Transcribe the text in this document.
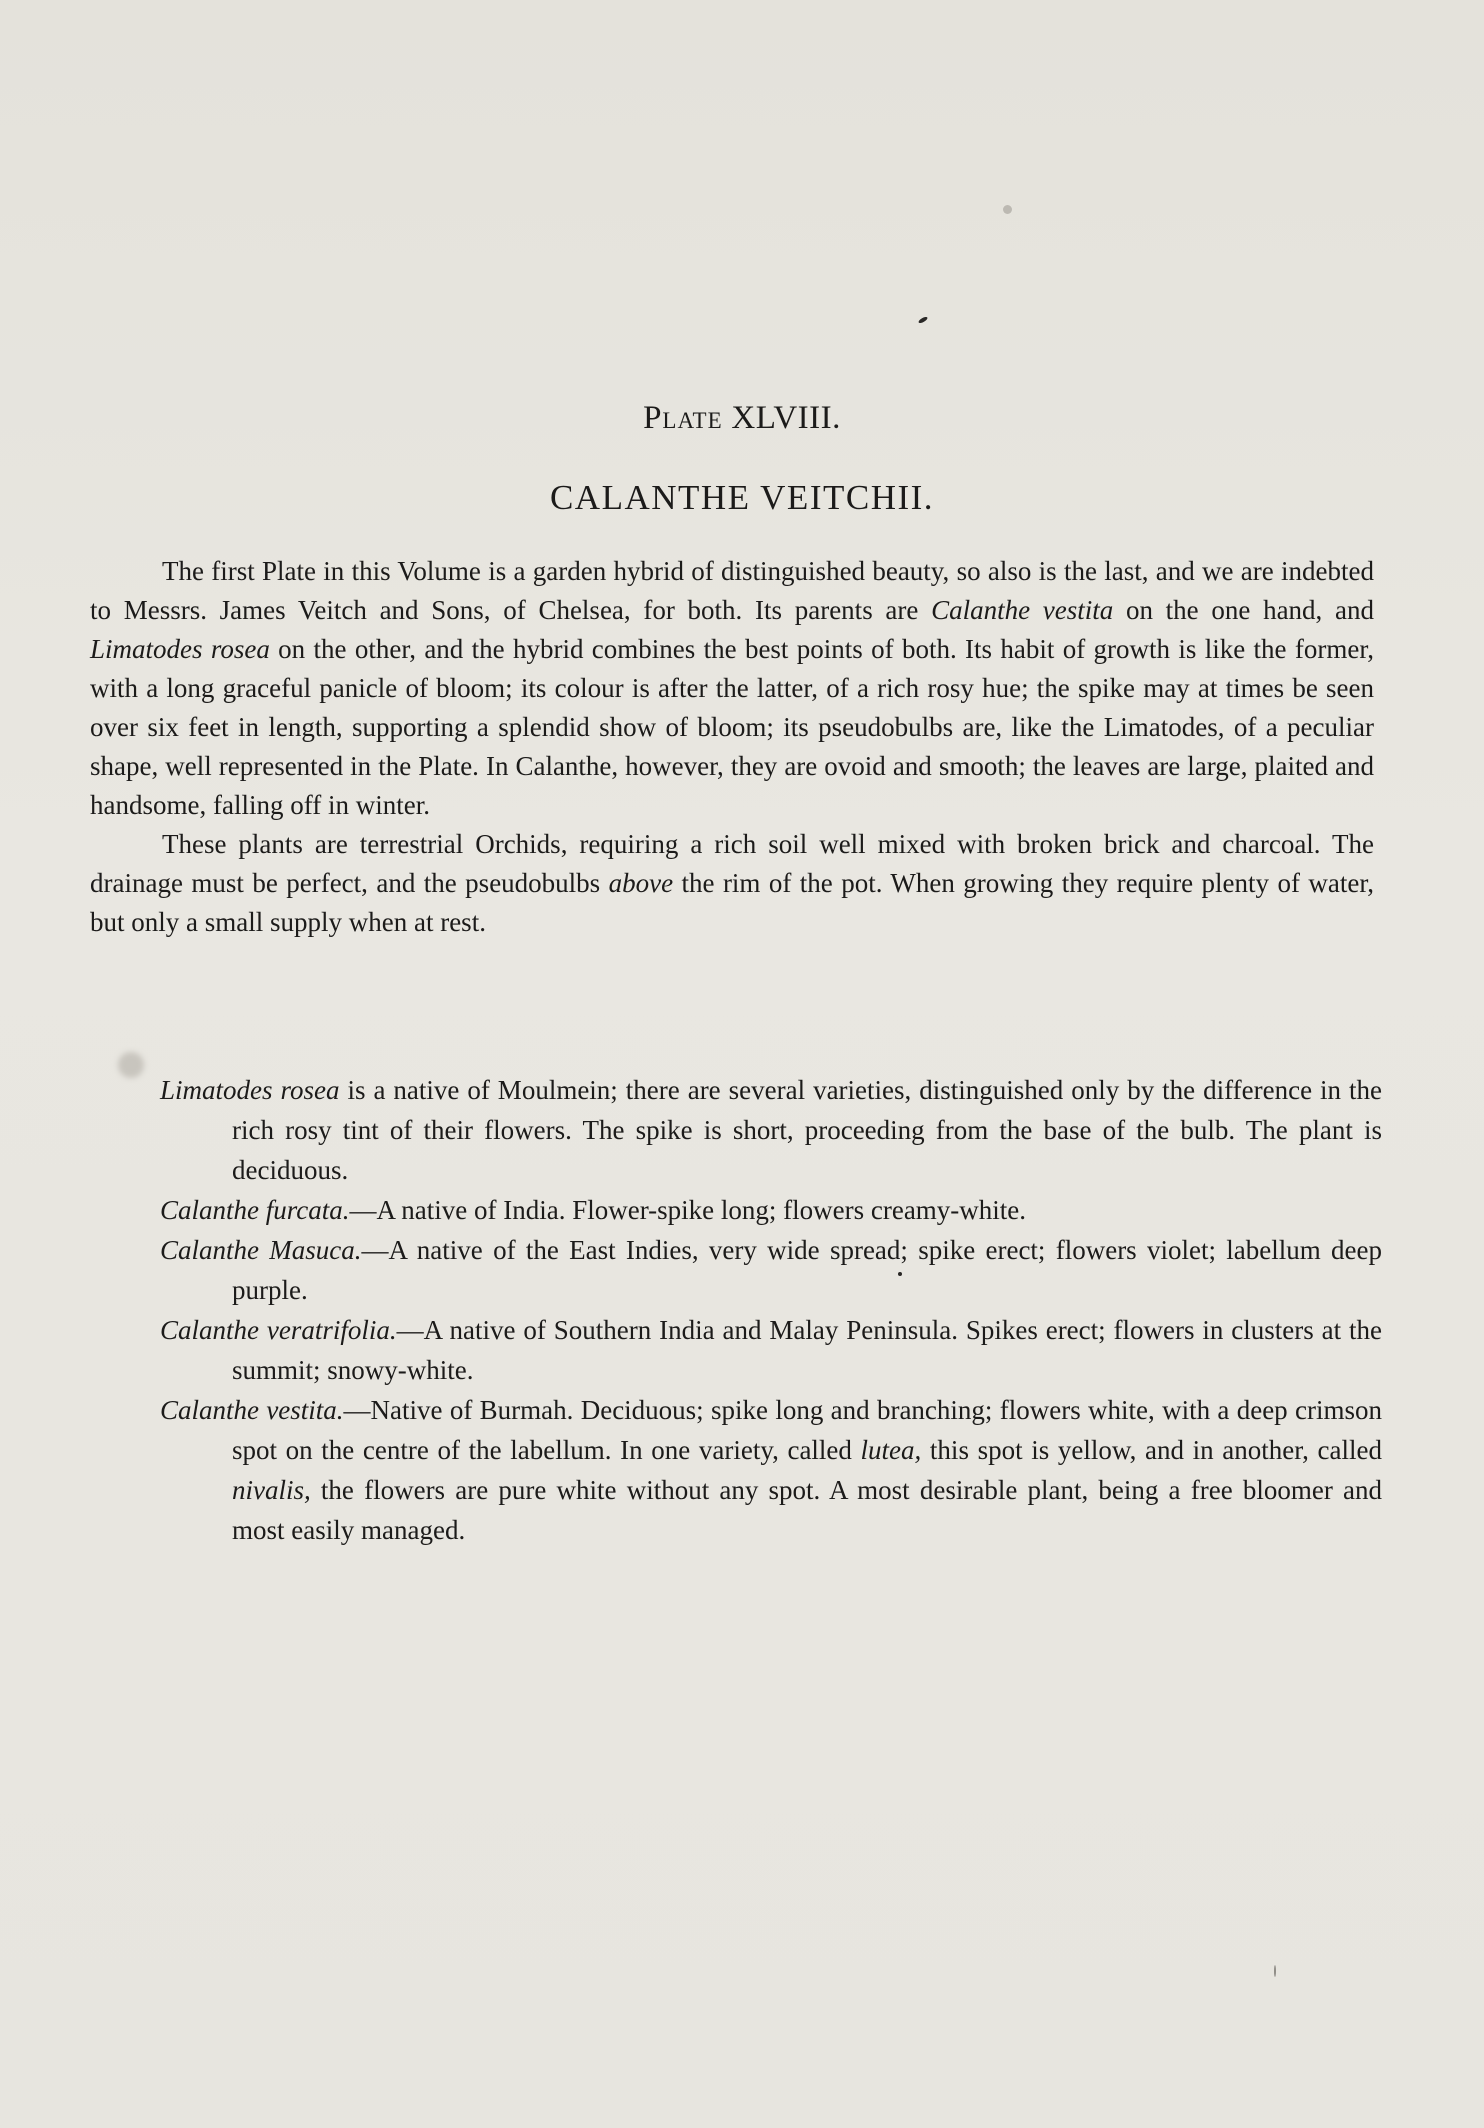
Plate XLVIII.
CALANTHE VEITCHII.

The first Plate in this Volume is a garden hybrid of distinguished beauty, so also is the last, and we are indebted to Messrs. James Veitch and Sons, of Chelsea, for both. Its parents are Calanthe vestita on the one hand, and Limatodes rosea on the other, and the hybrid combines the best points of both. Its habit of growth is like the former, with a long graceful panicle of bloom; its colour is after the latter, of a rich rosy hue; the spike may at times be seen over six feet in length, supporting a splendid show of bloom; its pseudobulbs are, like the Limatodes, of a peculiar shape, well represented in the Plate. In Calanthe, however, they are ovoid and smooth; the leaves are large, plaited and handsome, falling off in winter.

These plants are terrestrial Orchids, requiring a rich soil well mixed with broken brick and charcoal. The drainage must be perfect, and the pseudobulbs above the rim of the pot. When growing they require plenty of water, but only a small supply when at rest.

Limatodes rosea is a native of Moulmein; there are several varieties, distinguished only by the difference in the rich rosy tint of their flowers. The spike is short, proceeding from the base of the bulb. The plant is deciduous.

Calanthe furcata.—A native of India. Flower-spike long; flowers creamy-white.

Calanthe Masuca.—A native of the East Indies, very wide spread; spike erect; flowers violet; labellum deep purple.

Calanthe veratrifolia.—A native of Southern India and Malay Peninsula. Spikes erect; flowers in clusters at the summit; snowy-white.

Calanthe vestita.—Native of Burmah. Deciduous; spike long and branching; flowers white, with a deep crimson spot on the centre of the labellum. In one variety, called lutea, this spot is yellow, and in another, called nivalis, the flowers are pure white without any spot. A most desirable plant, being a free bloomer and most easily managed.
